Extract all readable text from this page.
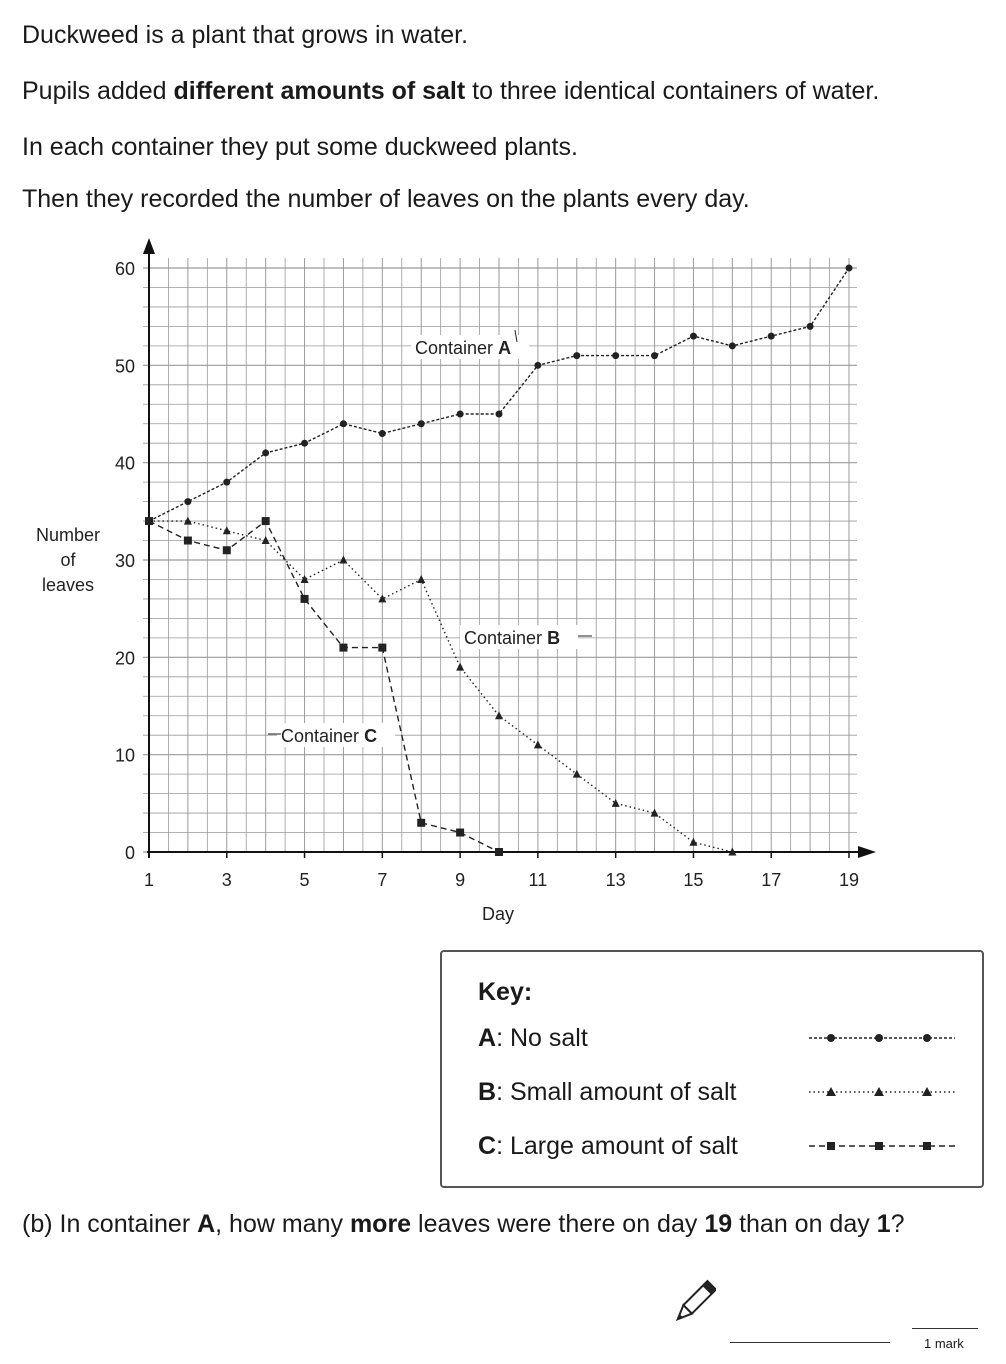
Duckweed is a plant that grows in water.

Pupils added different amounts of salt to three identical containers of water.

In each container they put some duckweed plants.

Then they recorded the number of leaves on the plants every day.

1	3	5	7	9	11	13	15	17	19
0
10
20
30
40
50
60
Day
Number
of
leaves
Container A
Container B
Container C
Key:
A: No salt
B: Small amount of salt
C: Large amount of salt
(b) In container A, how many more leaves were there on day 19 than on day 1?
1 mark
